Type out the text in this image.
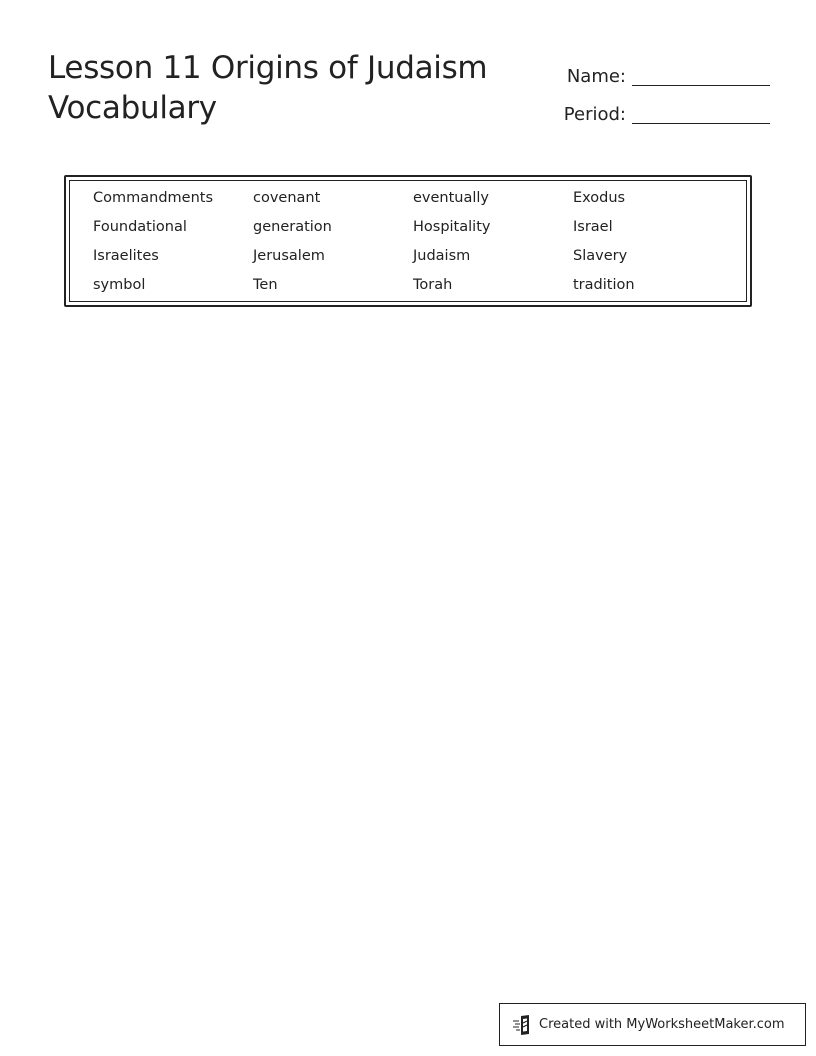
Lesson 11 Origins of Judaism
Vocabulary
Name:
Period:
Commandments	covenant	eventually	Exodus
Foundational	generation	Hospitality	Israel
Israelites	Jerusalem	Judaism	Slavery
symbol	Ten	Torah	tradition
Created with MyWorksheetMaker.com
